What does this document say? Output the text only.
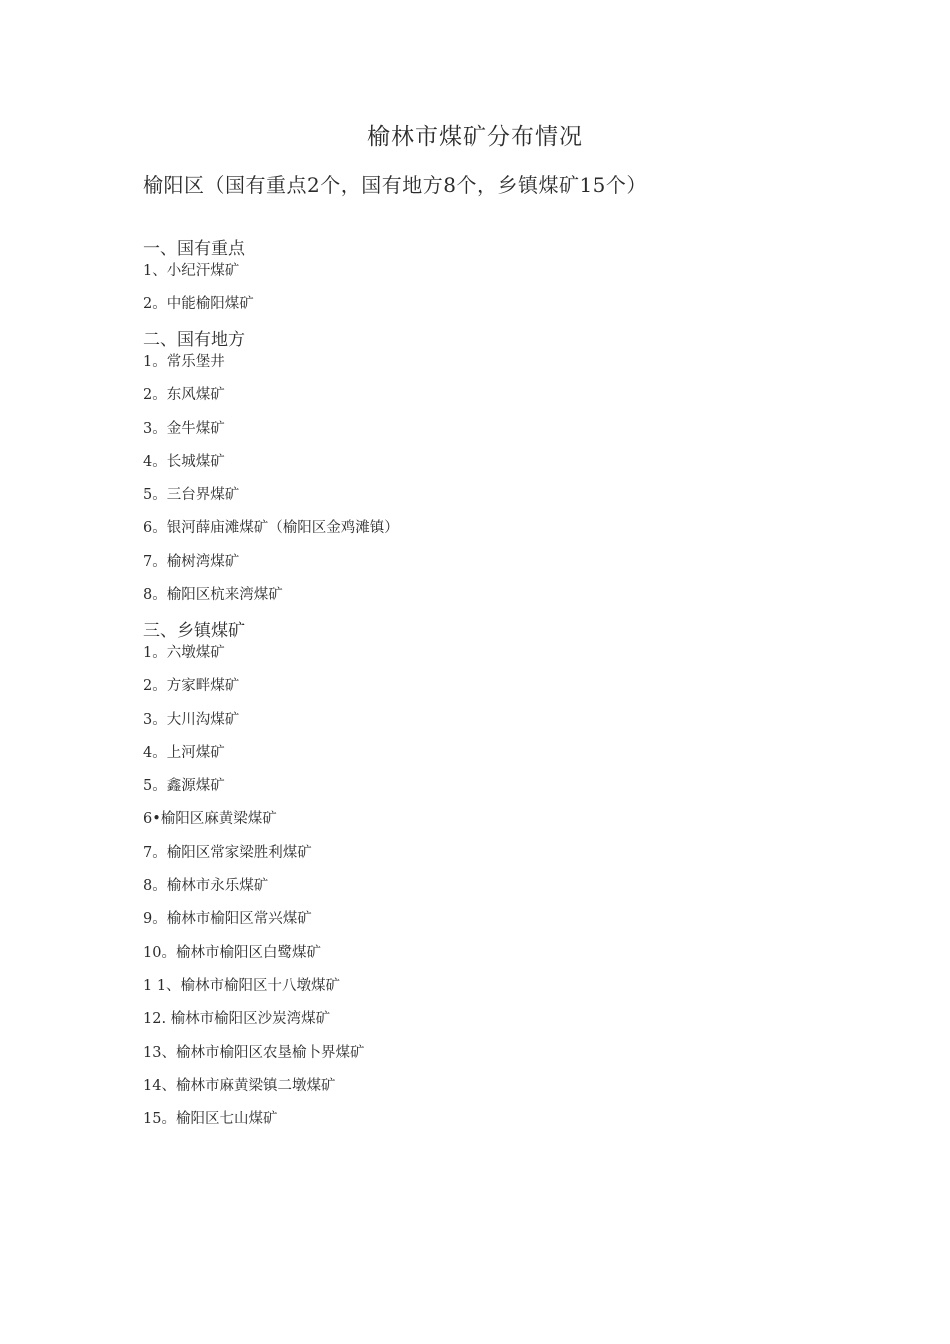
榆林市煤矿分布情况
榆阳区（国有重点2个，国有地方8个，乡镇煤矿15个）
一、国有重点
1、小纪汗煤矿
2。中能榆阳煤矿
二、国有地方
1。常乐堡井
2。东风煤矿
3。金牛煤矿
4。长城煤矿
5。三台界煤矿
6。银河薛庙滩煤矿（榆阳区金鸡滩镇）
7。榆树湾煤矿
8。榆阳区杭来湾煤矿
三、乡镇煤矿
1。六墩煤矿
2。方家畔煤矿
3。大川沟煤矿
4。上河煤矿
5。鑫源煤矿
6•榆阳区麻黄梁煤矿
7。榆阳区常家梁胜利煤矿
8。榆林市永乐煤矿
9。榆林市榆阳区常兴煤矿
10。榆林市榆阳区白鹭煤矿
1 1、榆林市榆阳区十八墩煤矿
12. 榆林市榆阳区沙炭湾煤矿
13、榆林市榆阳区农垦榆卜界煤矿
14、榆林市麻黄梁镇二墩煤矿
15。榆阳区七山煤矿
